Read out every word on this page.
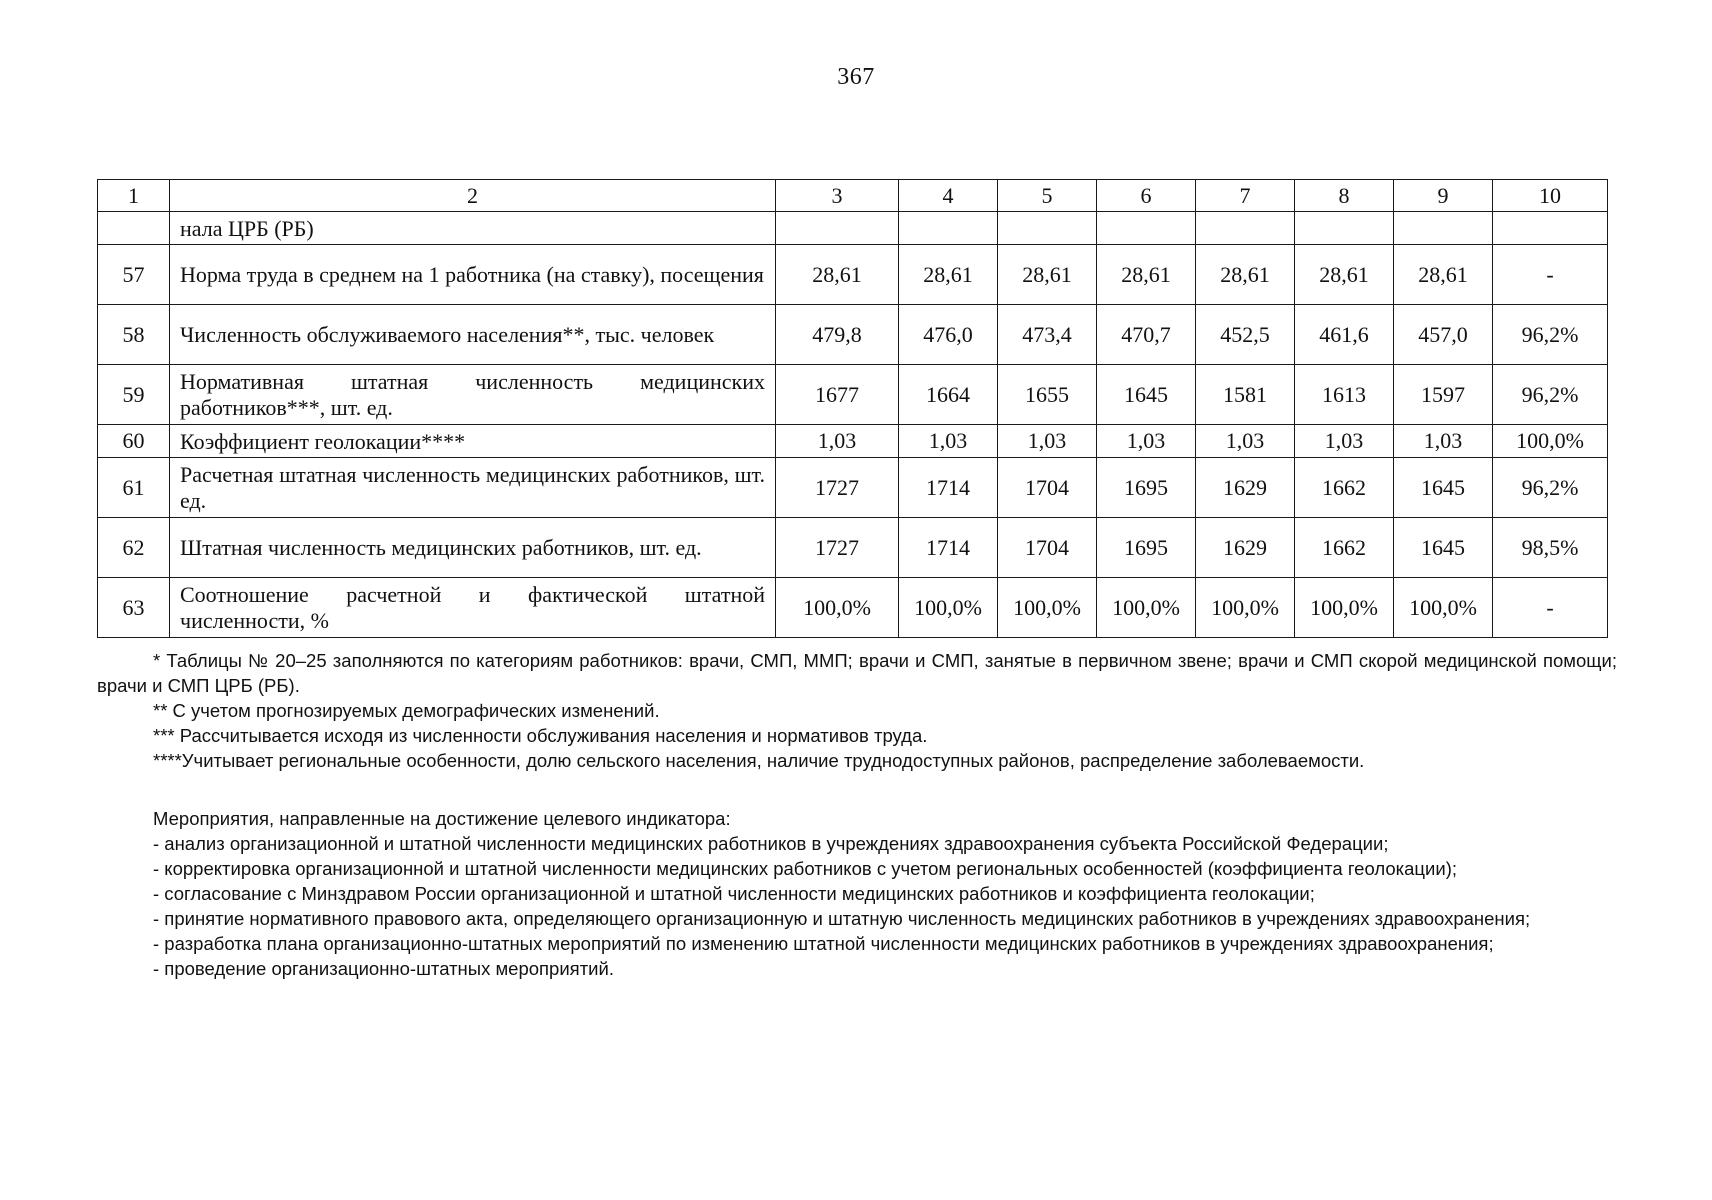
367
1	2	3	4	5	6	7	8	9	10
	нала ЦРБ (РБ)								
57	Норма труда в среднем на 1 работника (на ставку), посещения	28,61	28,61	28,61	28,61	28,61	28,61	28,61	-
58	Численность обслуживаемого населения**, тыс. человек	479,8	476,0	473,4	470,7	452,5	461,6	457,0	96,2%
59	Нормативная штатная численность медицинских работников***, шт. ед.	1677	1664	1655	1645	1581	1613	1597	96,2%
60	Коэффициент геолокации****	1,03	1,03	1,03	1,03	1,03	1,03	1,03	100,0%
61	Расчетная штатная численность медицинских работников, шт. ед.	1727	1714	1704	1695	1629	1662	1645	96,2%
62	Штатная численность медицинских работников, шт. ед.	1727	1714	1704	1695	1629	1662	1645	98,5%
63	Соотношение расчетной и фактической штатной численности, %	100,0%	100,0%	100,0%	100,0%	100,0%	100,0%	100,0%	-

* Таблицы № 20–25 заполняются по категориям работников: врачи, СМП, ММП; врачи и СМП, занятые в первичном звене; врачи и СМП скорой медицинской помощи; врачи и СМП ЦРБ (РБ).

** С учетом прогнозируемых демографических изменений.

*** Рассчитывается исходя из численности обслуживания населения и нормативов труда.

****Учитывает региональные особенности, долю сельского населения, наличие труднодоступных районов, распределение заболеваемости.

Мероприятия, направленные на достижение целевого индикатора:

- анализ организационной и штатной численности медицинских работников в учреждениях здравоохранения субъекта Российской Федерации;

- корректировка организационной и штатной численности медицинских работников с учетом региональных особенностей (коэффициента геолокации);

- согласование с Минздравом России организационной и штатной численности медицинских работников и коэффициента геолокации;

- принятие нормативного правового акта, определяющего организационную и штатную численность медицинских работников в учреждениях здравоохранения;

- разработка плана организационно-штатных мероприятий по изменению штатной численности медицинских работников в учреждениях здравоохранения;

- проведение организационно-штатных мероприятий.
